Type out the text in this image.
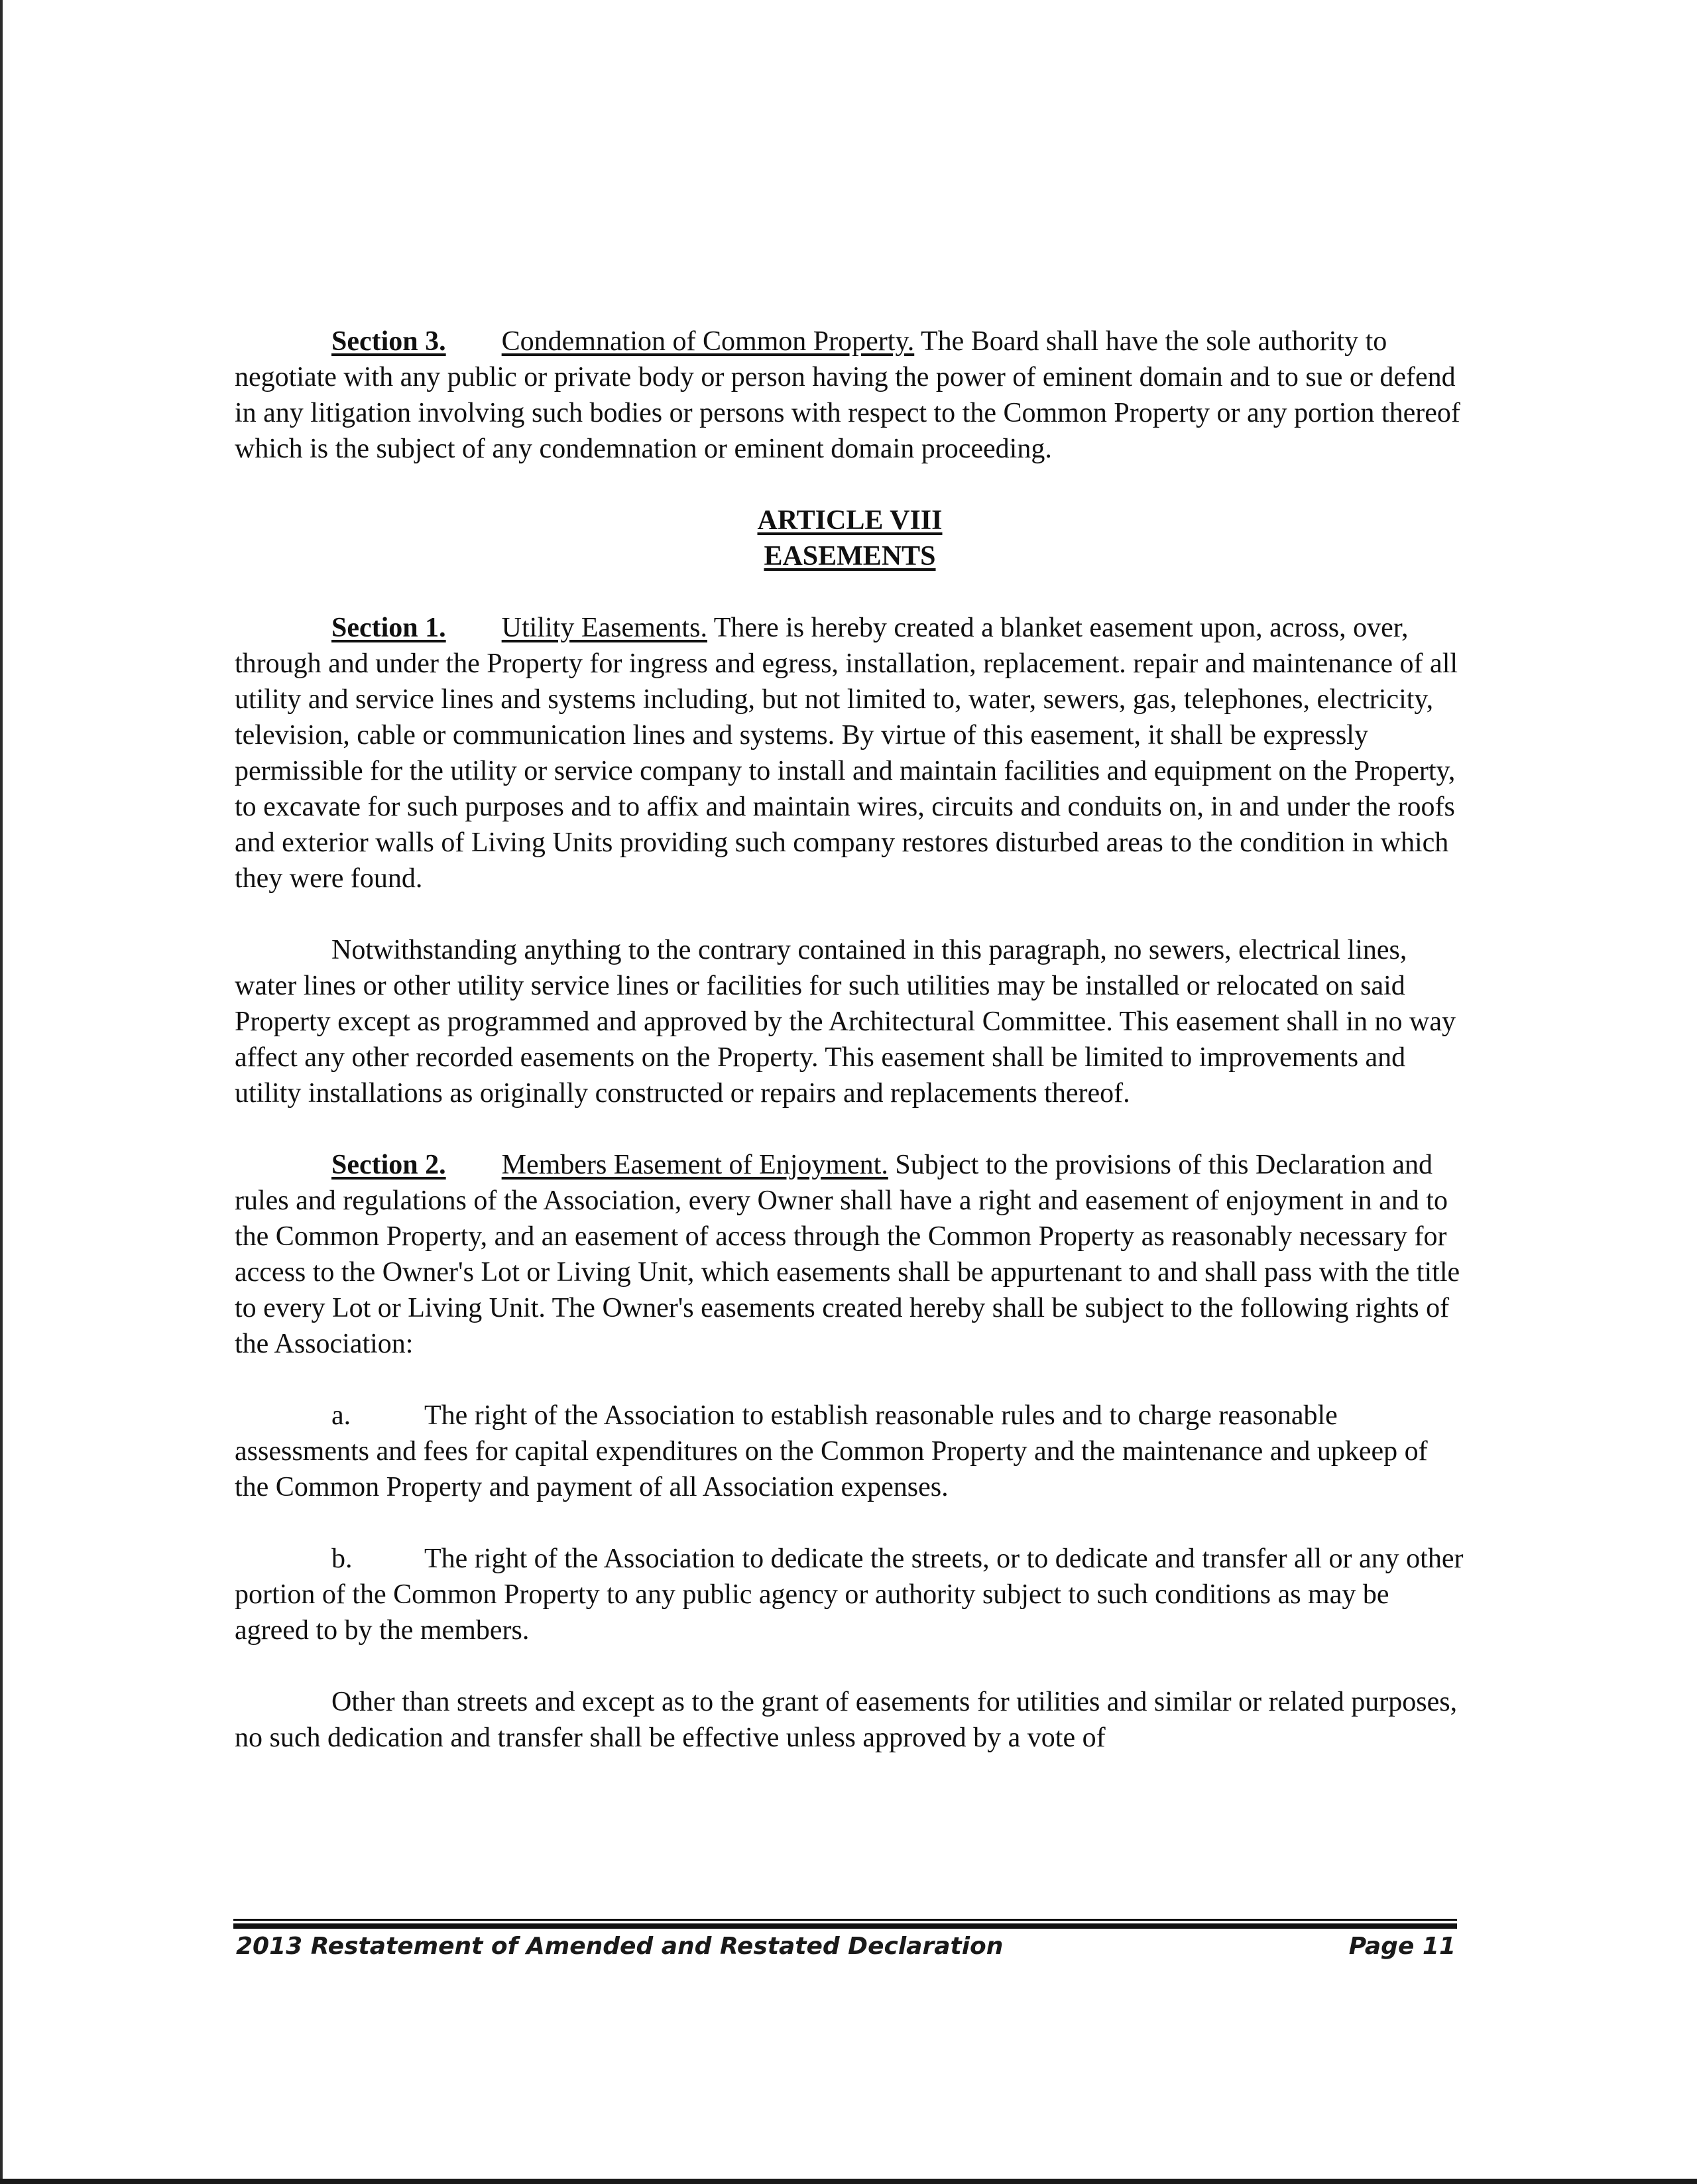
Section 3. Condemnation of Common Property. The Board shall have the sole authority to negotiate with any public or private body or person having the power of eminent domain and to sue or defend in any litigation involving such bodies or persons with respect to the Common Property or any portion thereof which is the subject of any condemnation or eminent domain proceeding.

ARTICLE VIII
EASEMENTS

Section 1. Utility Easements. There is hereby created a blanket easement upon, across, over, through and under the Property for ingress and egress, installation, replacement. repair and maintenance of all utility and service lines and systems including, but not limited to, water, sewers, gas, telephones, electricity, television, cable or communication lines and systems. By virtue of this easement, it shall be expressly permissible for the utility or service company to install and maintain facilities and equipment on the Property, to excavate for such purposes and to affix and maintain wires, circuits and conduits on, in and under the roofs and exterior walls of Living Units providing such company restores disturbed areas to the condition in which they were found.

Notwithstanding anything to the contrary contained in this paragraph, no sewers, electrical lines, water lines or other utility service lines or facilities for such utilities may be installed or relocated on said Property except as programmed and approved by the Architectural Committee. This easement shall in no way affect any other recorded easements on the Property. This easement shall be limited to improvements and utility installations as originally constructed or repairs and replacements thereof.

Section 2. Members Easement of Enjoyment. Subject to the provisions of this Declaration and rules and regulations of the Association, every Owner shall have a right and easement of enjoyment in and to the Common Property, and an easement of access through the Common Property as reasonably necessary for access to the Owner's Lot or Living Unit, which easements shall be appurtenant to and shall pass with the title to every Lot or Living Unit. The Owner's easements created hereby shall be subject to the following rights of the Association:

a.	The right of the Association to establish reasonable rules and to charge reasonable assessments and fees for capital expenditures on the Common Property and the maintenance and upkeep of the Common Property and payment of all Association expenses.

b.	The right of the Association to dedicate the streets, or to dedicate and transfer all or any other portion of the Common Property to any public agency or authority subject to such conditions as may be agreed to by the members.

Other than streets and except as to the grant of easements for utilities and similar or related purposes, no such dedication and transfer shall be effective unless approved by a vote of

2013 Restatement of Amended and Restated Declaration	Page 11
